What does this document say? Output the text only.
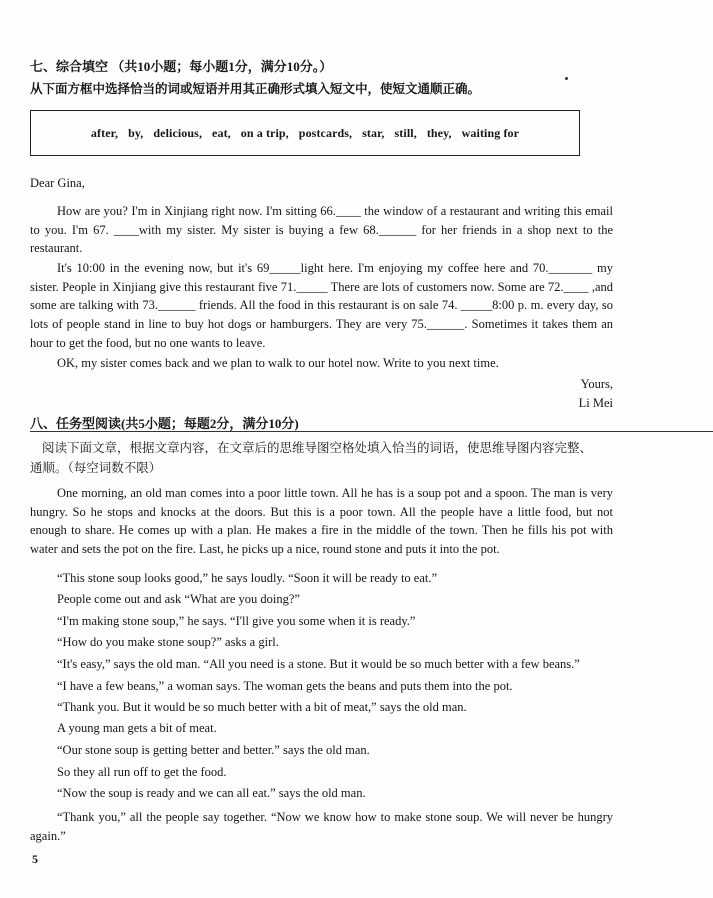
七、综合填空 （共10小题；每小题1分，满分10分。）
从下面方框中选择恰当的词或短语并用其正确形式填入短文中，使短文通顺正确。
after, by, delicious, eat, on a trip, postcards, star, still, they, waiting for
Dear Gina,
How are you? I'm in Xinjiang right now. I'm sitting 66.____ the window of a restaurant and writing this email to you. I'm 67. ____with my sister. My sister is buying a few 68.______ for her friends in a shop next to the restaurant.
It's 10:00 in the evening now, but it's 69_____light here. I'm enjoying my coffee here and 70._______ my sister. People in Xinjiang give this restaurant five 71._____ There are lots of customers now. Some are 72.____ ,and some are talking with 73.______ friends. All the food in this restaurant is on sale 74. _____8:00 p. m. every day, so lots of people stand in line to buy hot dogs or hamburgers. They are very 75.______. Sometimes it takes them an hour to get the food, but no one wants to leave.
OK, my sister comes back and we plan to walk to our hotel now. Write to you next time.
Yours,
Li Mei
八、任务型阅读(共5小题；每题2分，满分10分)
阅读下面文章，根据文章内容，在文章后的思维导图空格处填入恰当的词语，使思维导图内容完整、
通顺。（每空词数不限）
One morning, an old man comes into a poor little town. All he has is a soup pot and a spoon. The man is very hungry. So he stops and knocks at the doors. But this is a poor town. All the people have a little food, but not enough to share. He comes up with a plan. He makes a fire in the middle of the town. Then he fills his pot with water and sets the pot on the fire. Last, he picks up a nice, round stone and puts it into the pot.
“This stone soup looks good,” he says loudly. “Soon it will be ready to eat.”
People come out and ask “What are you doing?”
“I'm making stone soup,” he says. “I'll give you some when it is ready.”
“How do you make stone soup?” asks a girl.
“It's easy,” says the old man. “All you need is a stone. But it would be so much better with a few beans.”
“I have a few beans,” a woman says. The woman gets the beans and puts them into the pot.
“Thank you. But it would be so much better with a bit of meat,” says the old man.
A young man gets a bit of meat.
“Our stone soup is getting better and better.” says the old man.
So they all run off to get the food.
“Now the soup is ready and we can all eat.” says the old man.
“Thank you,” all the people say together. “Now we know how to make stone soup. We will never be hungry again.”
5
